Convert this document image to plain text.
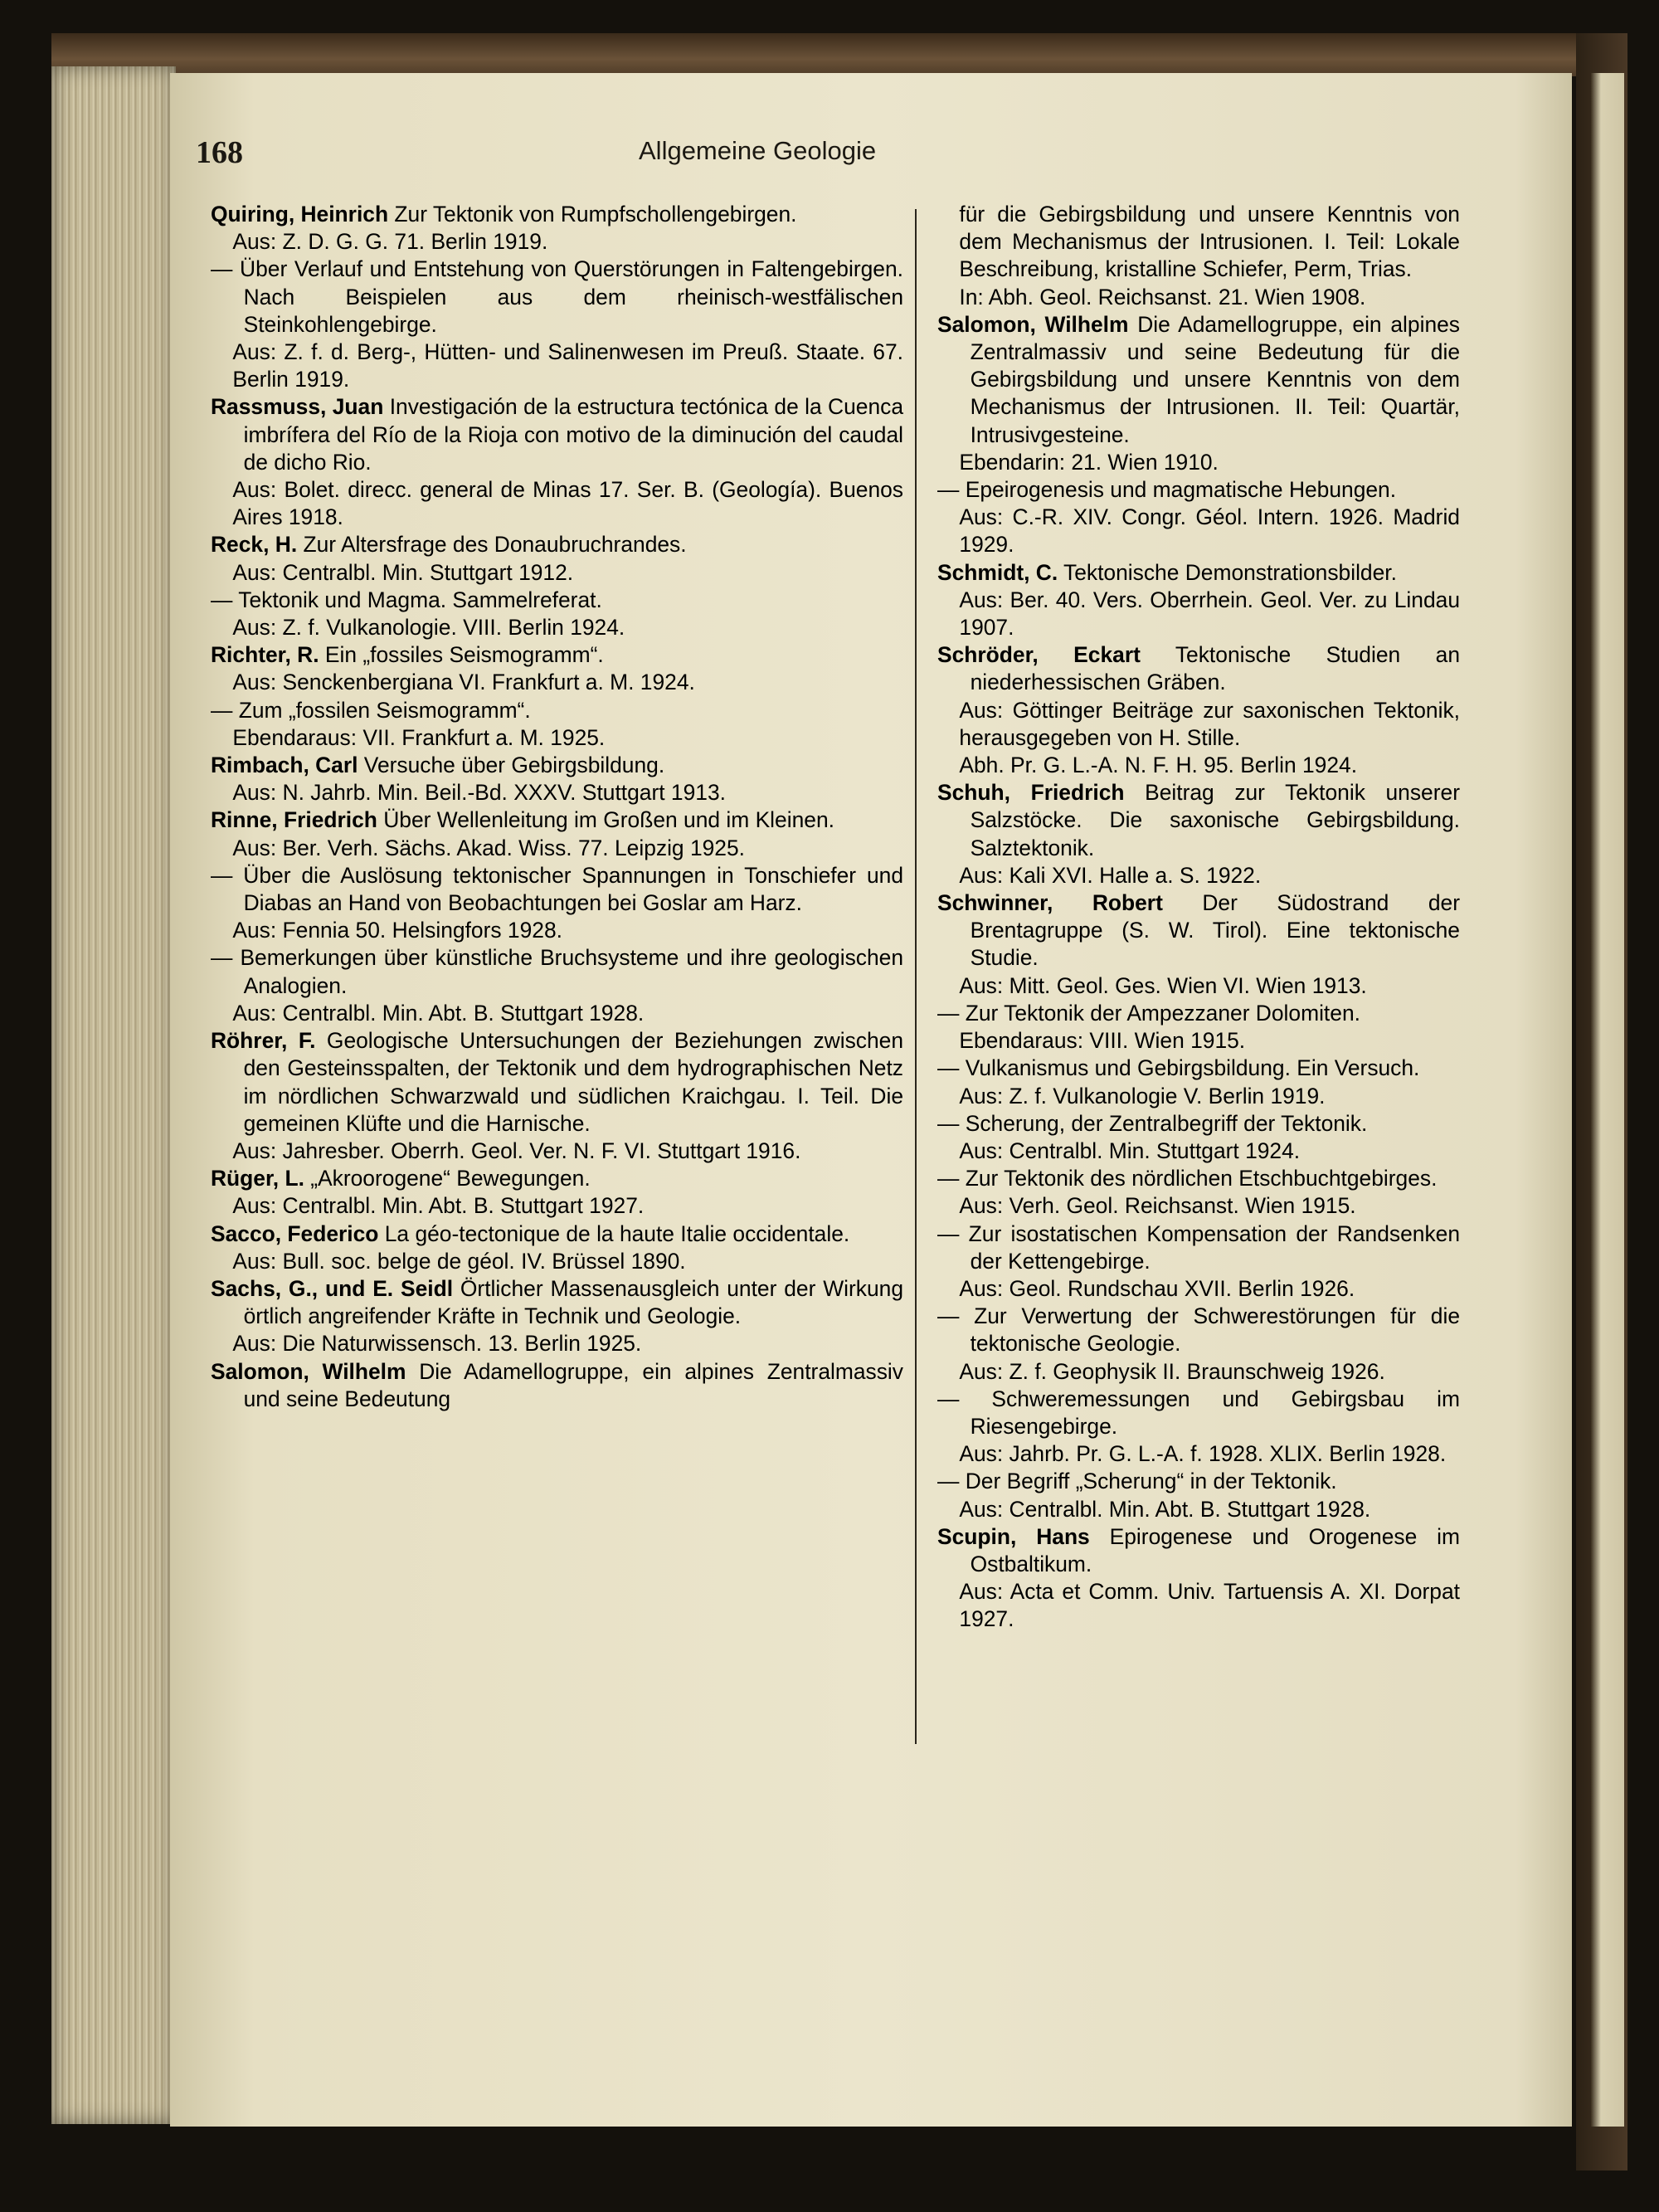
168	Allgemeine Geologie
Quiring, Heinrich Zur Tektonik von Rumpfschollengebirgen.
Aus: Z. D. G. G. 71. Berlin 1919.
— Über Verlauf und Entstehung von Querstörungen in Faltengebirgen. Nach Beispielen aus dem rheinisch-westfälischen Steinkohlengebirge.
Aus: Z. f. d. Berg-, Hütten- und Salinenwesen im Preuß. Staate. 67. Berlin 1919.
Rassmuss, Juan Investigación de la estructura tectónica de la Cuenca imbrífera del Río de la Rioja con motivo de la diminución del caudal de dicho Rio.
Aus: Bolet. direcc. general de Minas 17. Ser. B. (Geología). Buenos Aires 1918.
Reck, H. Zur Altersfrage des Donaubruchrandes.
Aus: Centralbl. Min. Stuttgart 1912.
— Tektonik und Magma. Sammelreferat.
Aus: Z. f. Vulkanologie. VIII. Berlin 1924.
Richter, R. Ein „fossiles Seismogramm“.
Aus: Senckenbergiana VI. Frankfurt a. M. 1924.
— Zum „fossilen Seismogramm“.
Ebendaraus: VII. Frankfurt a. M. 1925.
Rimbach, Carl Versuche über Gebirgsbildung.
Aus: N. Jahrb. Min. Beil.-Bd. XXXV. Stuttgart 1913.
Rinne, Friedrich Über Wellenleitung im Großen und im Kleinen.
Aus: Ber. Verh. Sächs. Akad. Wiss. 77. Leipzig 1925.
— Über die Auslösung tektonischer Spannungen in Tonschiefer und Diabas an Hand von Beobachtungen bei Goslar am Harz.
Aus: Fennia 50. Helsingfors 1928.
— Bemerkungen über künstliche Bruchsysteme und ihre geologischen Analogien.
Aus: Centralbl. Min. Abt. B. Stuttgart 1928.
Röhrer, F. Geologische Untersuchungen der Beziehungen zwischen den Gesteinsspalten, der Tektonik und dem hydrographischen Netz im nördlichen Schwarzwald und südlichen Kraichgau. I. Teil. Die gemeinen Klüfte und die Harnische.
Aus: Jahresber. Oberrh. Geol. Ver. N. F. VI. Stuttgart 1916.
Rüger, L. „Akroorogene“ Bewegungen.
Aus: Centralbl. Min. Abt. B. Stuttgart 1927.
Sacco, Federico La géo-tectonique de la haute Italie occidentale.
Aus: Bull. soc. belge de géol. IV. Brüssel 1890.
Sachs, G., und E. Seidl Örtlicher Massenausgleich unter der Wirkung örtlich angreifender Kräfte in Technik und Geologie.
Aus: Die Naturwissensch. 13. Berlin 1925.
Salomon, Wilhelm Die Adamellogruppe, ein alpines Zentralmassiv und seine Bedeutung
für die Gebirgsbildung und unsere Kenntnis von dem Mechanismus der Intrusionen. I. Teil: Lokale Beschreibung, kristalline Schiefer, Perm, Trias.
In: Abh. Geol. Reichsanst. 21. Wien 1908.
Salomon, Wilhelm Die Adamellogruppe, ein alpines Zentralmassiv und seine Bedeutung für die Gebirgsbildung und unsere Kenntnis von dem Mechanismus der Intrusionen. II. Teil: Quartär, Intrusivgesteine.
Ebendarin: 21. Wien 1910.
— Epeirogenesis und magmatische Hebungen.
Aus: C.-R. XIV. Congr. Géol. Intern. 1926. Madrid 1929.
Schmidt, C. Tektonische Demonstrationsbilder.
Aus: Ber. 40. Vers. Oberrhein. Geol. Ver. zu Lindau 1907.
Schröder, Eckart Tektonische Studien an niederhessischen Gräben.
Aus: Göttinger Beiträge zur saxonischen Tektonik, herausgegeben von H. Stille.
Abh. Pr. G. L.-A. N. F. H. 95. Berlin 1924.
Schuh, Friedrich Beitrag zur Tektonik unserer Salzstöcke. Die saxonische Gebirgsbildung. Salztektonik.
Aus: Kali XVI. Halle a. S. 1922.
Schwinner, Robert Der Südostrand der Brentagruppe (S. W. Tirol). Eine tektonische Studie.
Aus: Mitt. Geol. Ges. Wien VI. Wien 1913.
— Zur Tektonik der Ampezzaner Dolomiten.
Ebendaraus: VIII. Wien 1915.
— Vulkanismus und Gebirgsbildung. Ein Versuch.
Aus: Z. f. Vulkanologie V. Berlin 1919.
— Scherung, der Zentralbegriff der Tektonik.
Aus: Centralbl. Min. Stuttgart 1924.
— Zur Tektonik des nördlichen Etschbuchtgebirges.
Aus: Verh. Geol. Reichsanst. Wien 1915.
— Zur isostatischen Kompensation der Randsenken der Kettengebirge.
Aus: Geol. Rundschau XVII. Berlin 1926.
— Zur Verwertung der Schwerestörungen für die tektonische Geologie.
Aus: Z. f. Geophysik II. Braunschweig 1926.
— Schweremessungen und Gebirgsbau im Riesengebirge.
Aus: Jahrb. Pr. G. L.-A. f. 1928. XLIX. Berlin 1928.
— Der Begriff „Scherung“ in der Tektonik.
Aus: Centralbl. Min. Abt. B. Stuttgart 1928.
Scupin, Hans Epirogenese und Orogenese im Ostbaltikum.
Aus: Acta et Comm. Univ. Tartuensis A. XI. Dorpat 1927.
